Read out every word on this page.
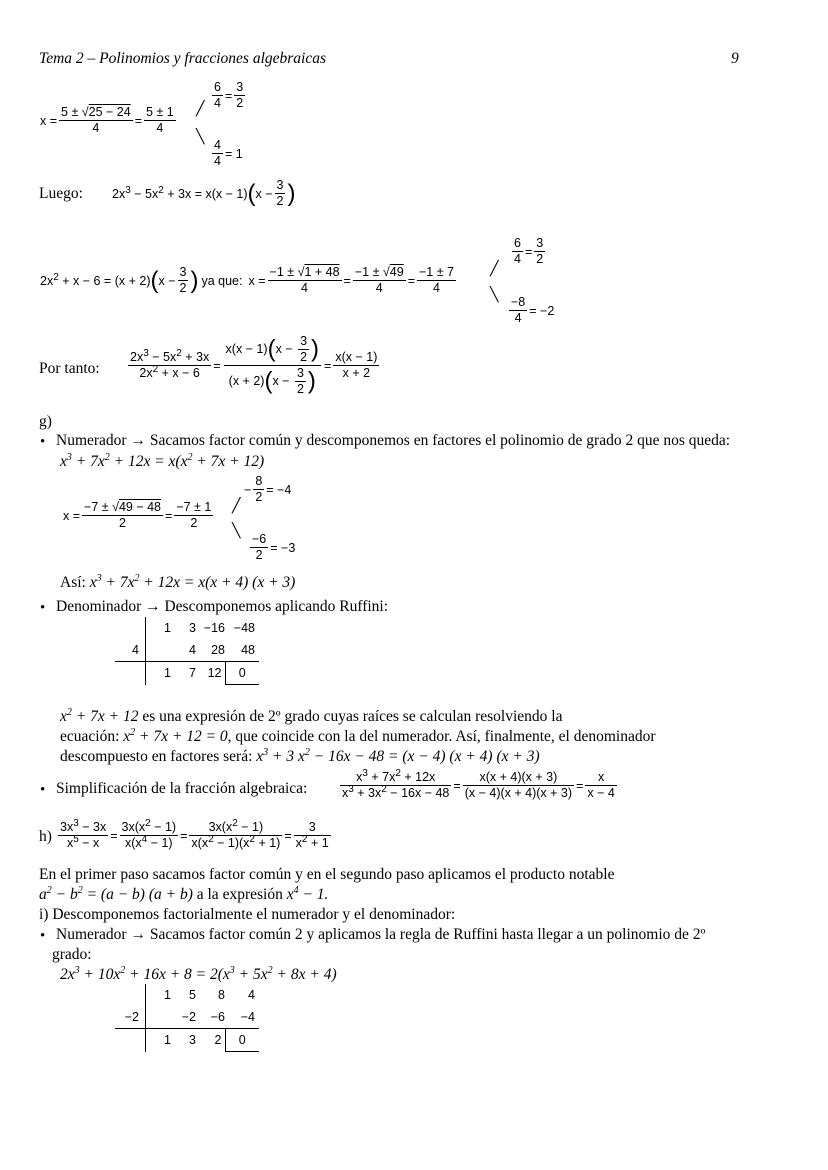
Tema 2 – Polinomios y fracciones algebraicas	9
$x = \frac{5 \pm √25 - 24}{4} = \frac{5 \pm 1}{4}$ ╱
╲
$\frac{6}{4} = \frac{3}{2}$
$\frac{4}{4} = 1$
Luego: $2x^3 - 5x^2 + 3x = x(x - 1)$ ( $x - \frac{3}{2}$ )
$2x^2 + x - 6 = (x + 2)$ ( $x - \frac{3}{2}$ ) ya que: $x = \frac{-1 \pm √1 + 48}{4} = \frac{-1 \pm √49}{4} = \frac{-1 \pm 7}{4}$ ╱
╲
$\frac{6}{4} = \frac{3}{2}$
$\frac{-8}{4} = -2$
Por tanto: $\frac{2x^3 - 5x^2 + 3x}{2x^2 + x - 6} = \frac{x(x - 1)(x - \frac{3}{2} )}{(x + 2)(x - \frac{3}{2} )} = \frac{x(x - 1)}{x + 2}$
g)
• Numerador → Sacamos factor común y descomponemos en factores el polinomio de grado 2 que nos queda:
$x^3 + 7x^2 + 12x = x(x^2 + 7x + 12)$
$x = \frac{-7 \pm √49 - 48}{2} = \frac{-7 \pm 1}{2}$ ╱
╲
− $\frac{8}{2} = -4$
$\frac{-6}{2} = -3$
Así: $x^3 + 7x^2 + 12x = x(x + 4) (x + 3)$
• Denominador → Descomponemos aplicando Ruffini:
	1	3	−16	−48
4		4	28	48
	1	7	12	0
$x^2 + 7x + 12$ es una expresión de 2º grado cuyas raíces se calculan resolviendo la
ecuación: $x^2 + 7x + 12 = 0$, que coincide con la del numerador. Así, finalmente, el denominador
descompuesto en factores será: $x^3 + 3$ $x^2 - 16x - 48 = (x - 4) (x + 4) (x + 3)$
• Simplificación de la fracción algebraica:	$\frac{x^3 + 7x^2 + 12x}{x^3 + 3x^2 - 16x - 48} = \frac{x(x + 4)(x + 3)}{(x - 4)(x + 4)(x + 3)} = \frac{x}{x - 4}$
$h) \frac{3x^3 - 3x}{x^5 - x} = \frac{3x(x^2 - 1)}{x(x^4 - 1)} = \frac{3x(x^2 - 1)}{x(x^2 - 1)(x^2 + 1)} = \frac{3}{x^2 + 1}$
En el primer paso sacamos factor común y en el segundo paso aplicamos el producto notable
$a^2 - b^2 = (a - b) (a + b)$ a la expresión $x^4 - 1$.
i) Descomponemos factorialmente el numerador y el denominador:
• Numerador → Sacamos factor común 2 y aplicamos la regla de Ruffini hasta llegar a un polinomio de 2º
grado:
$2x^3 + 10x^2 + 16x + 8 = 2(x^3 + 5x^2 + 8x + 4)$
	1	5	8	4
−2		−2	−6	−4
	1	3	2	0
